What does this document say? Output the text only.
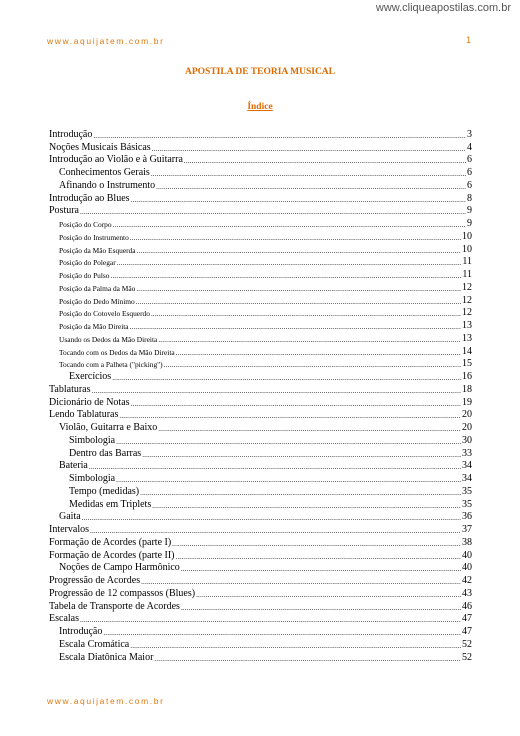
www.cliqueapostilas.com.br
www.aquijatem.com.br	1
APOSTILA DE TEORIA MUSICAL
Índice
Introdução .....	3
Noções Musicais Básicas .....	4
Introdução ao Violão e à Guitarra .....	6
Conhecimentos Gerais .....	6
Afinando o Instrumento .....	6
Introdução ao Blues .....	8
Postura .....	9
Posição do Corpo .....	9
Posição do Instrumento .....	10
Posição da Mão Esquerda .....	10
Posição do Polegar .....	11
Posição do Pulso .....	11
Posição da Palma da Mão .....	12
Posição do Dedo Mínimo .....	12
Posição do Cotovelo Esquerdo .....	12
Posição da Mão Direita .....	13
Usando os Dedos da Mão Direita .....	13
Tocando com os Dedos da Mão Direita .....	14
Tocando com a Palheta ("picking") .....	15
Exercícios .....	16
Tablaturas .....	18
Dicionário de Notas .....	19
Lendo Tablaturas .....	20
Violão, Guitarra e Baixo .....	20
Simbologia .....	30
Dentro das Barras .....	33
Bateria .....	34
Simbologia .....	34
Tempo (medidas) .....	35
Medidas em Triplets .....	35
Gaita .....	36
Intervalos .....	37
Formação de Acordes (parte I) .....	38
Formação de Acordes (parte II) .....	40
Noções de Campo Harmônico .....	40
Progressão de Acordes .....	42
Progressão de 12 compassos (Blues) .....	43
Tabela de Transporte de Acordes .....	46
Escalas .....	47
Introdução .....	47
Escala Cromática .....	52
Escala Diatônica Maior .....	52
www.aquijatem.com.br
